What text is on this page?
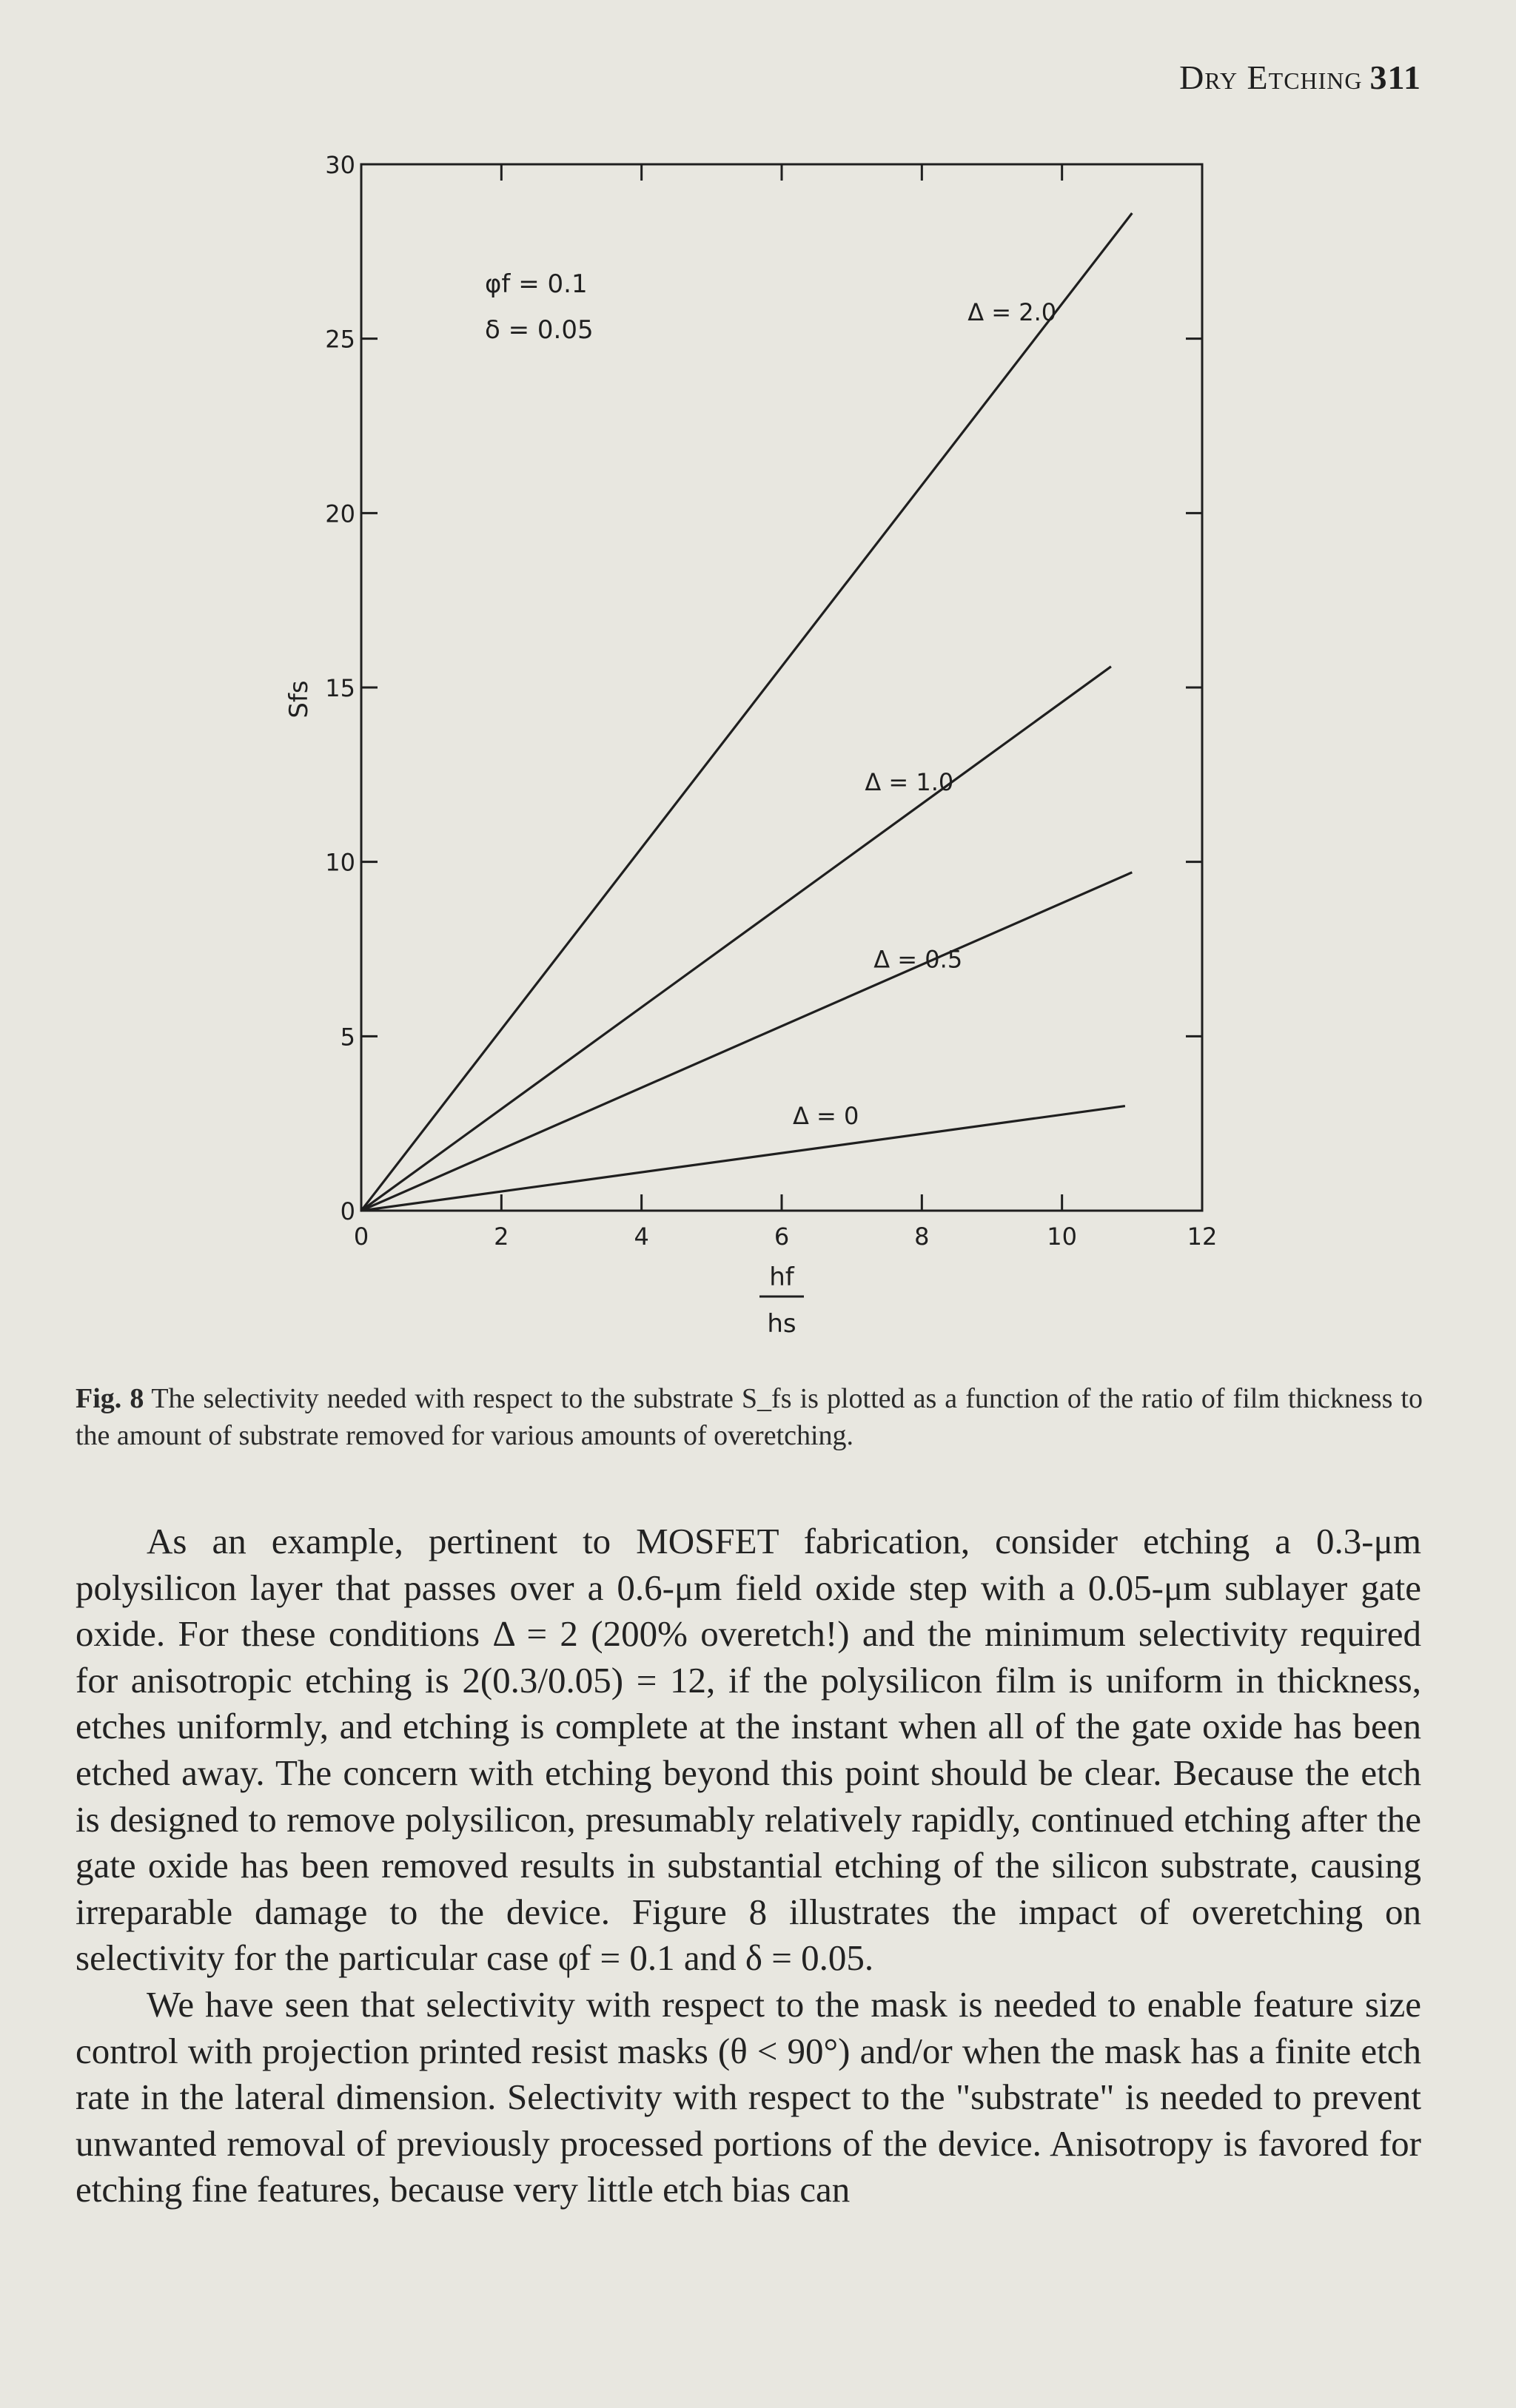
Dry Etching 311
0	2	4	6	8	10	12
0
5
10
15
20
25
30
Δ = 2.0
Δ = 1.0
Δ = 0.5
Δ = 0
Sfs
hf
hs
φf = 0.1
δ = 0.05
Fig. 8 The selectivity needed with respect to the substrate S_fs is plotted as a function of the ratio of film thickness to the amount of substrate removed for various amounts of overetching.

As an example, pertinent to MOSFET fabrication, consider etching a 0.3-μm polysilicon layer that passes over a 0.6-μm field oxide step with a 0.05-μm sublayer gate oxide. For these conditions Δ = 2 (200% overetch!) and the minimum selectivity required for anisotropic etching is 2(0.3/0.05) = 12, if the polysilicon film is uniform in thickness, etches uniformly, and etching is complete at the instant when all of the gate oxide has been etched away. The concern with etching beyond this point should be clear. Because the etch is designed to remove polysilicon, presumably relatively rapidly, continued etching after the gate oxide has been removed results in substantial etching of the silicon substrate, causing irreparable damage to the device. Figure 8 illustrates the impact of overetching on selectivity for the particular case φf = 0.1 and δ = 0.05.

We have seen that selectivity with respect to the mask is needed to enable feature size control with projection printed resist masks (θ < 90°) and/or when the mask has a finite etch rate in the lateral dimension. Selectivity with respect to the "substrate" is needed to prevent unwanted removal of previously processed portions of the device. Anisotropy is favored for etching fine features, because very little etch bias can
